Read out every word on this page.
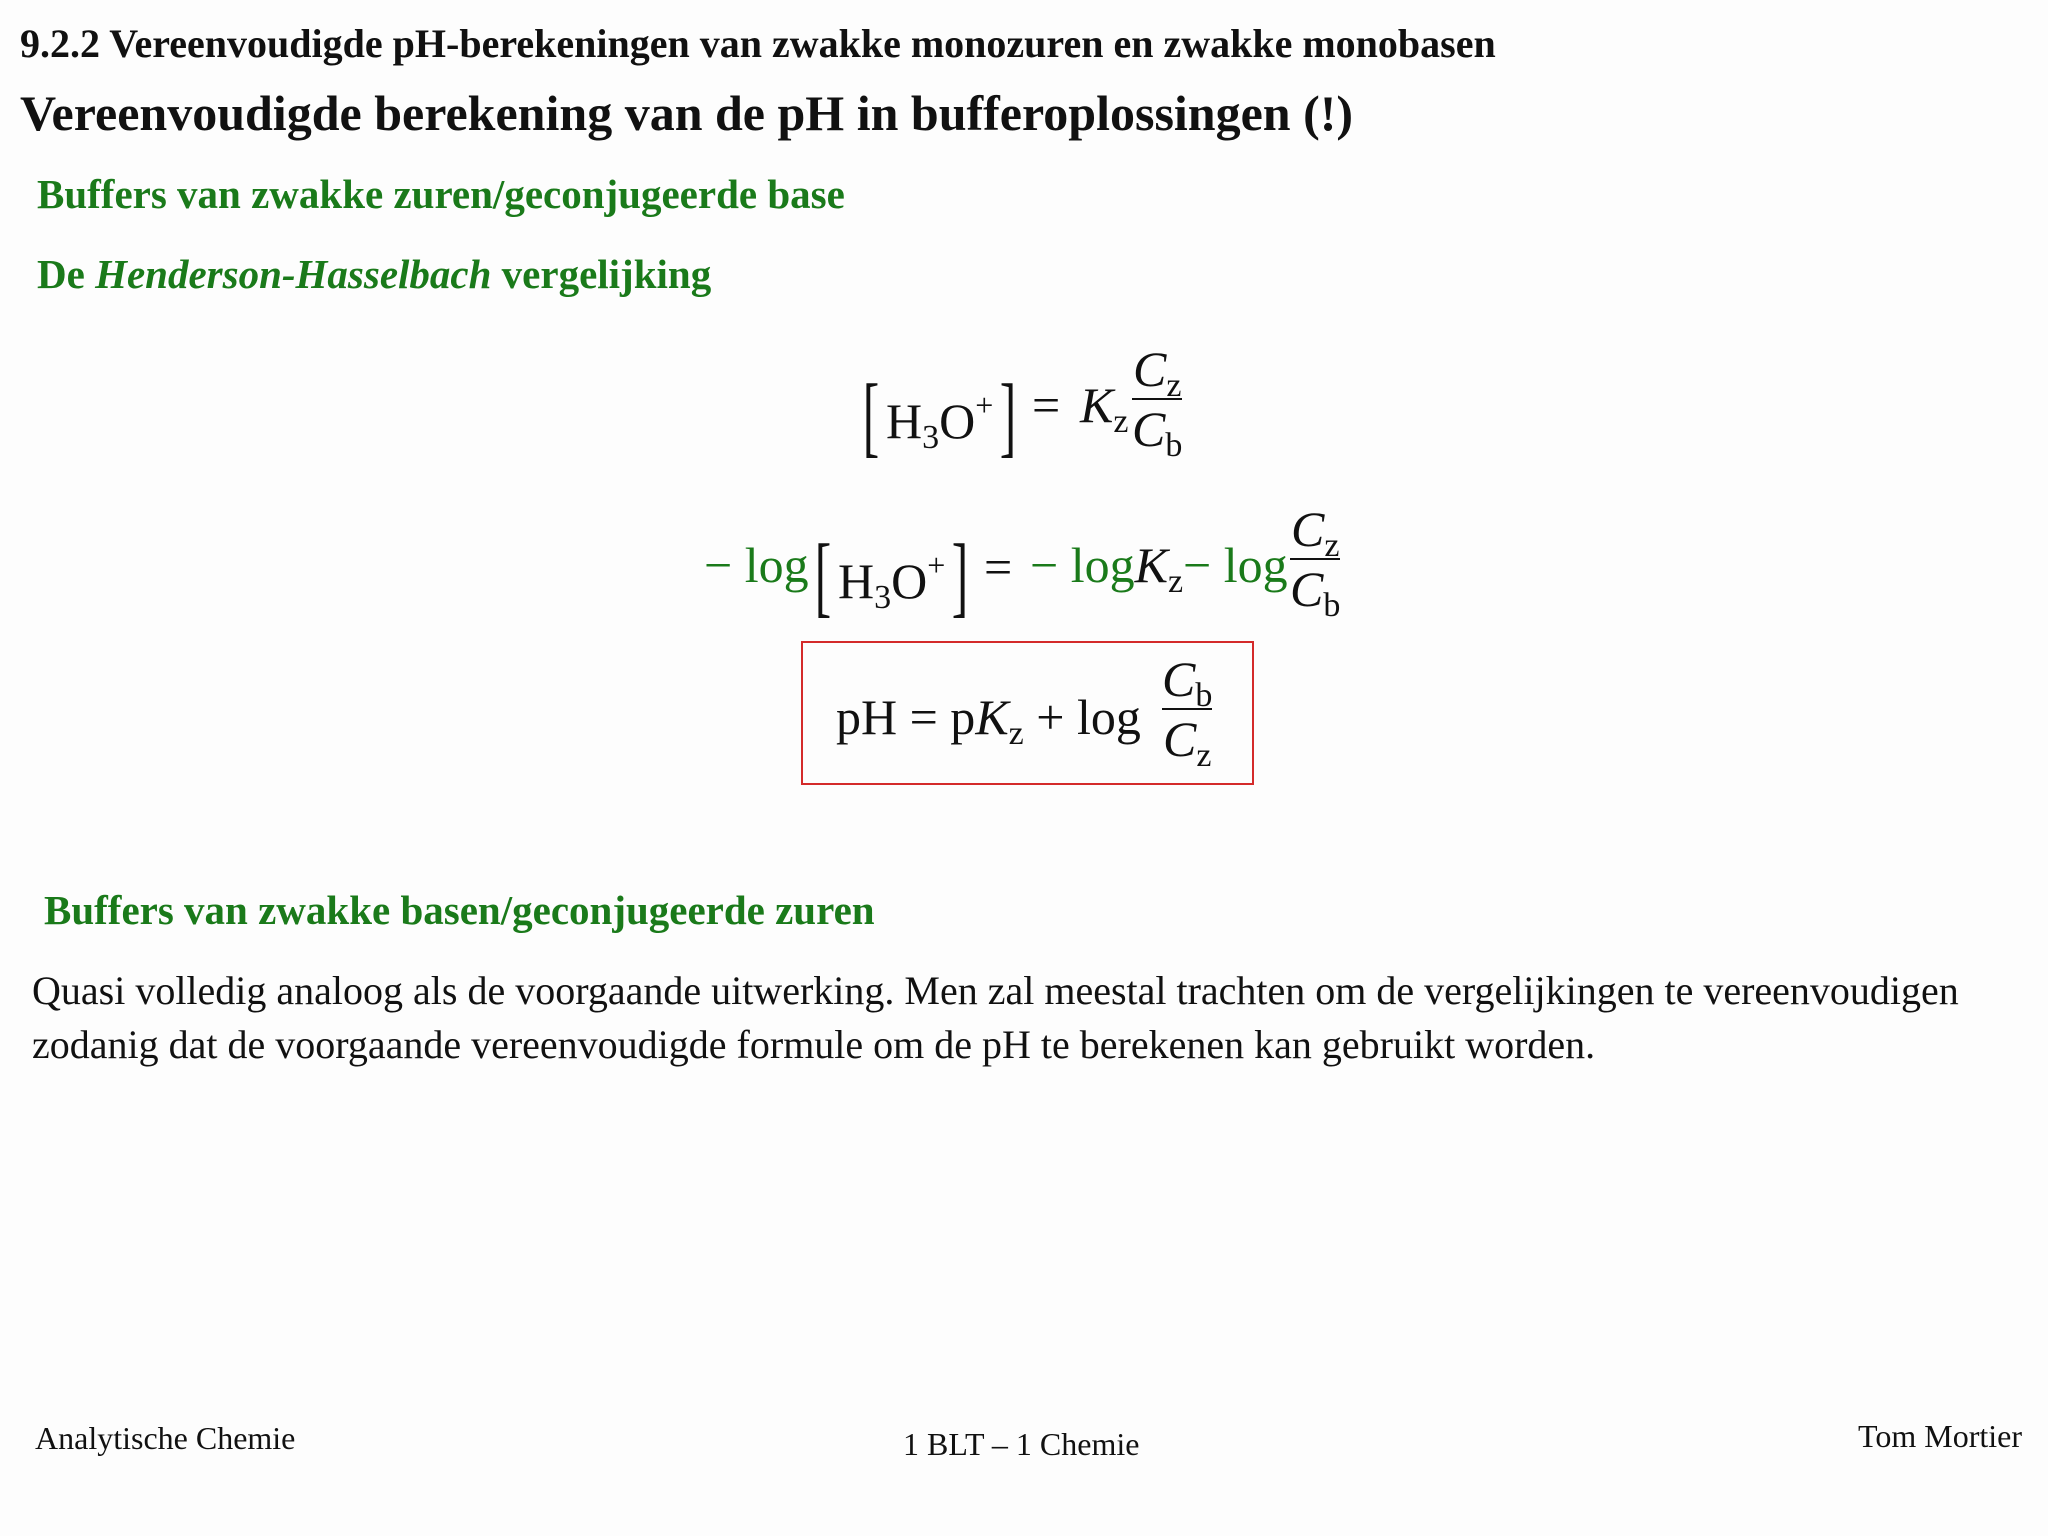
9.2.2 Vereenvoudigde pH-berekeningen van zwakke monozuren en zwakke monobasen
Vereenvoudigde berekening van de pH in bufferoplossingen (!)
Buffers van zwakke zuren/geconjugeerde base
De Henderson-Hasselbach vergelijking
[ $H_3O^+] = K_z$
$C_z$
$C_b$
− log [ $H_3O^+$] = − logK$_z$− log
$C_z$
$C_b$
pH = $pK_z + \log$
$C_b$
$C_z$
Buffers van zwakke basen/geconjugeerde zuren
Quasi volledig analoog als de voorgaande uitwerking. Men zal meestal trachten om de vergelijkingen te vereenvoudigen zodanig dat de voorgaande vereenvoudigde formule om de pH te berekenen kan gebruikt worden.
Analytische Chemie	1 BLT – 1 Chemie	Tom Mortier
